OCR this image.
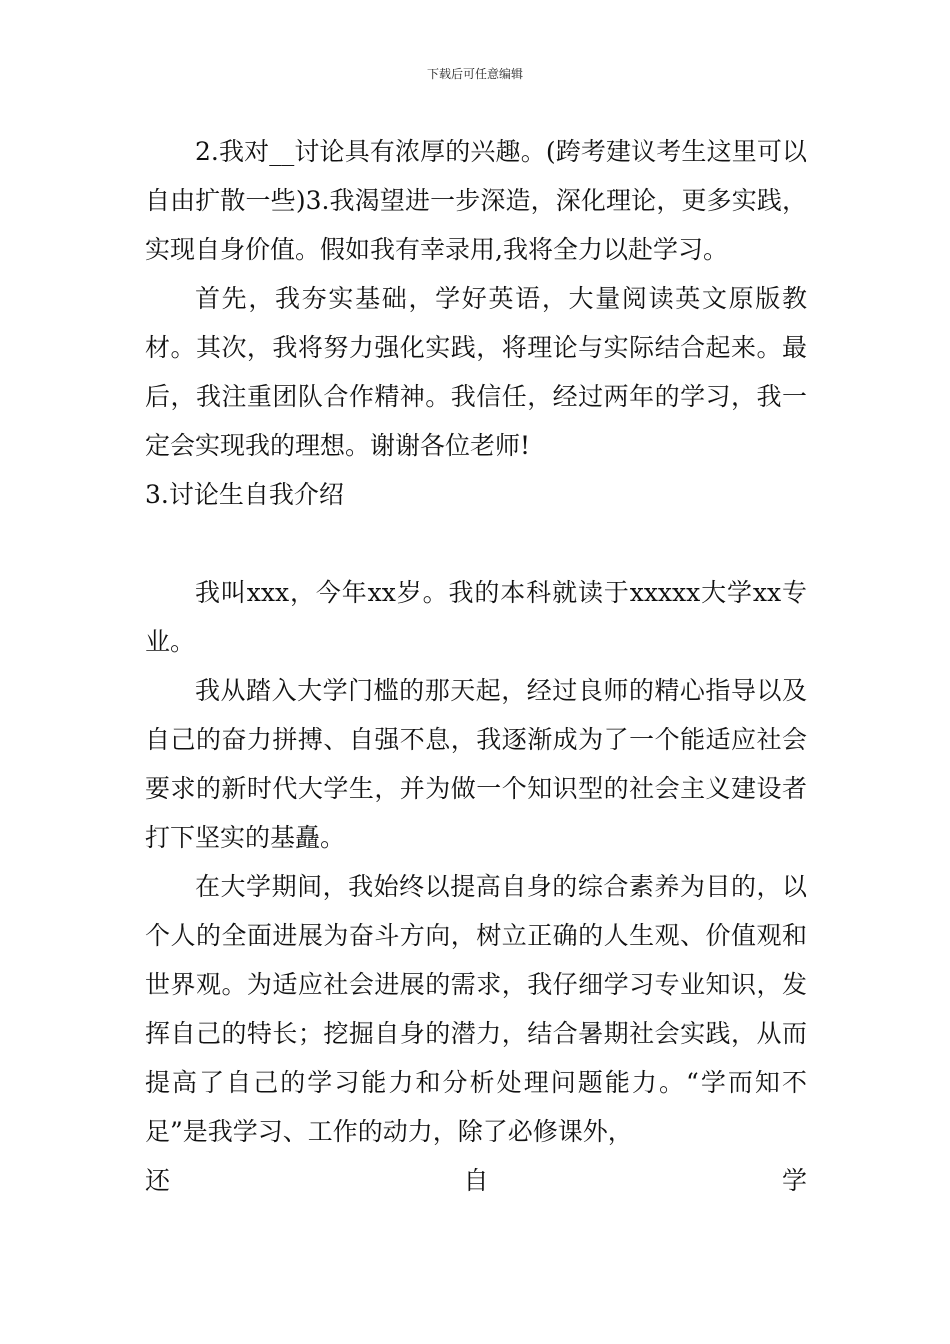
下载后可任意编辑

2.我对__讨论具有浓厚的兴趣。(跨考建议考生这里可以自由扩散一些)3.我渴望进一步深造，深化理论，更多实践，实现自身价值。假如我有幸录用,我将全力以赴学习。

首先，我夯实基础，学好英语，大量阅读英文原版教材。其次，我将努力强化实践，将理论与实际结合起来。最后，我注重团队合作精神。我信任，经过两年的学习，我一定会实现我的理想。谢谢各位老师!

3.讨论生自我介绍

我叫xxx，今年xx岁。我的本科就读于xxxxx大学xx专业。

我从踏入大学门槛的那天起，经过良师的精心指导以及自己的奋力拼搏、自强不息，我逐渐成为了一个能适应社会要求的新时代大学生，并为做一个知识型的社会主义建设者打下坚实的基矗。

在大学期间，我始终以提高自身的综合素养为目的，以个人的全面进展为奋斗方向，树立正确的人生观、价值观和世界观。为适应社会进展的需求，我仔细学习专业知识，发挥自己的特长；挖掘自身的潜力，结合暑期社会实践，从而提高了自己的学习能力和分析处理问题能力。“学而知不足”是我学习、工作的动力，除了必修课外，

还	自	学
